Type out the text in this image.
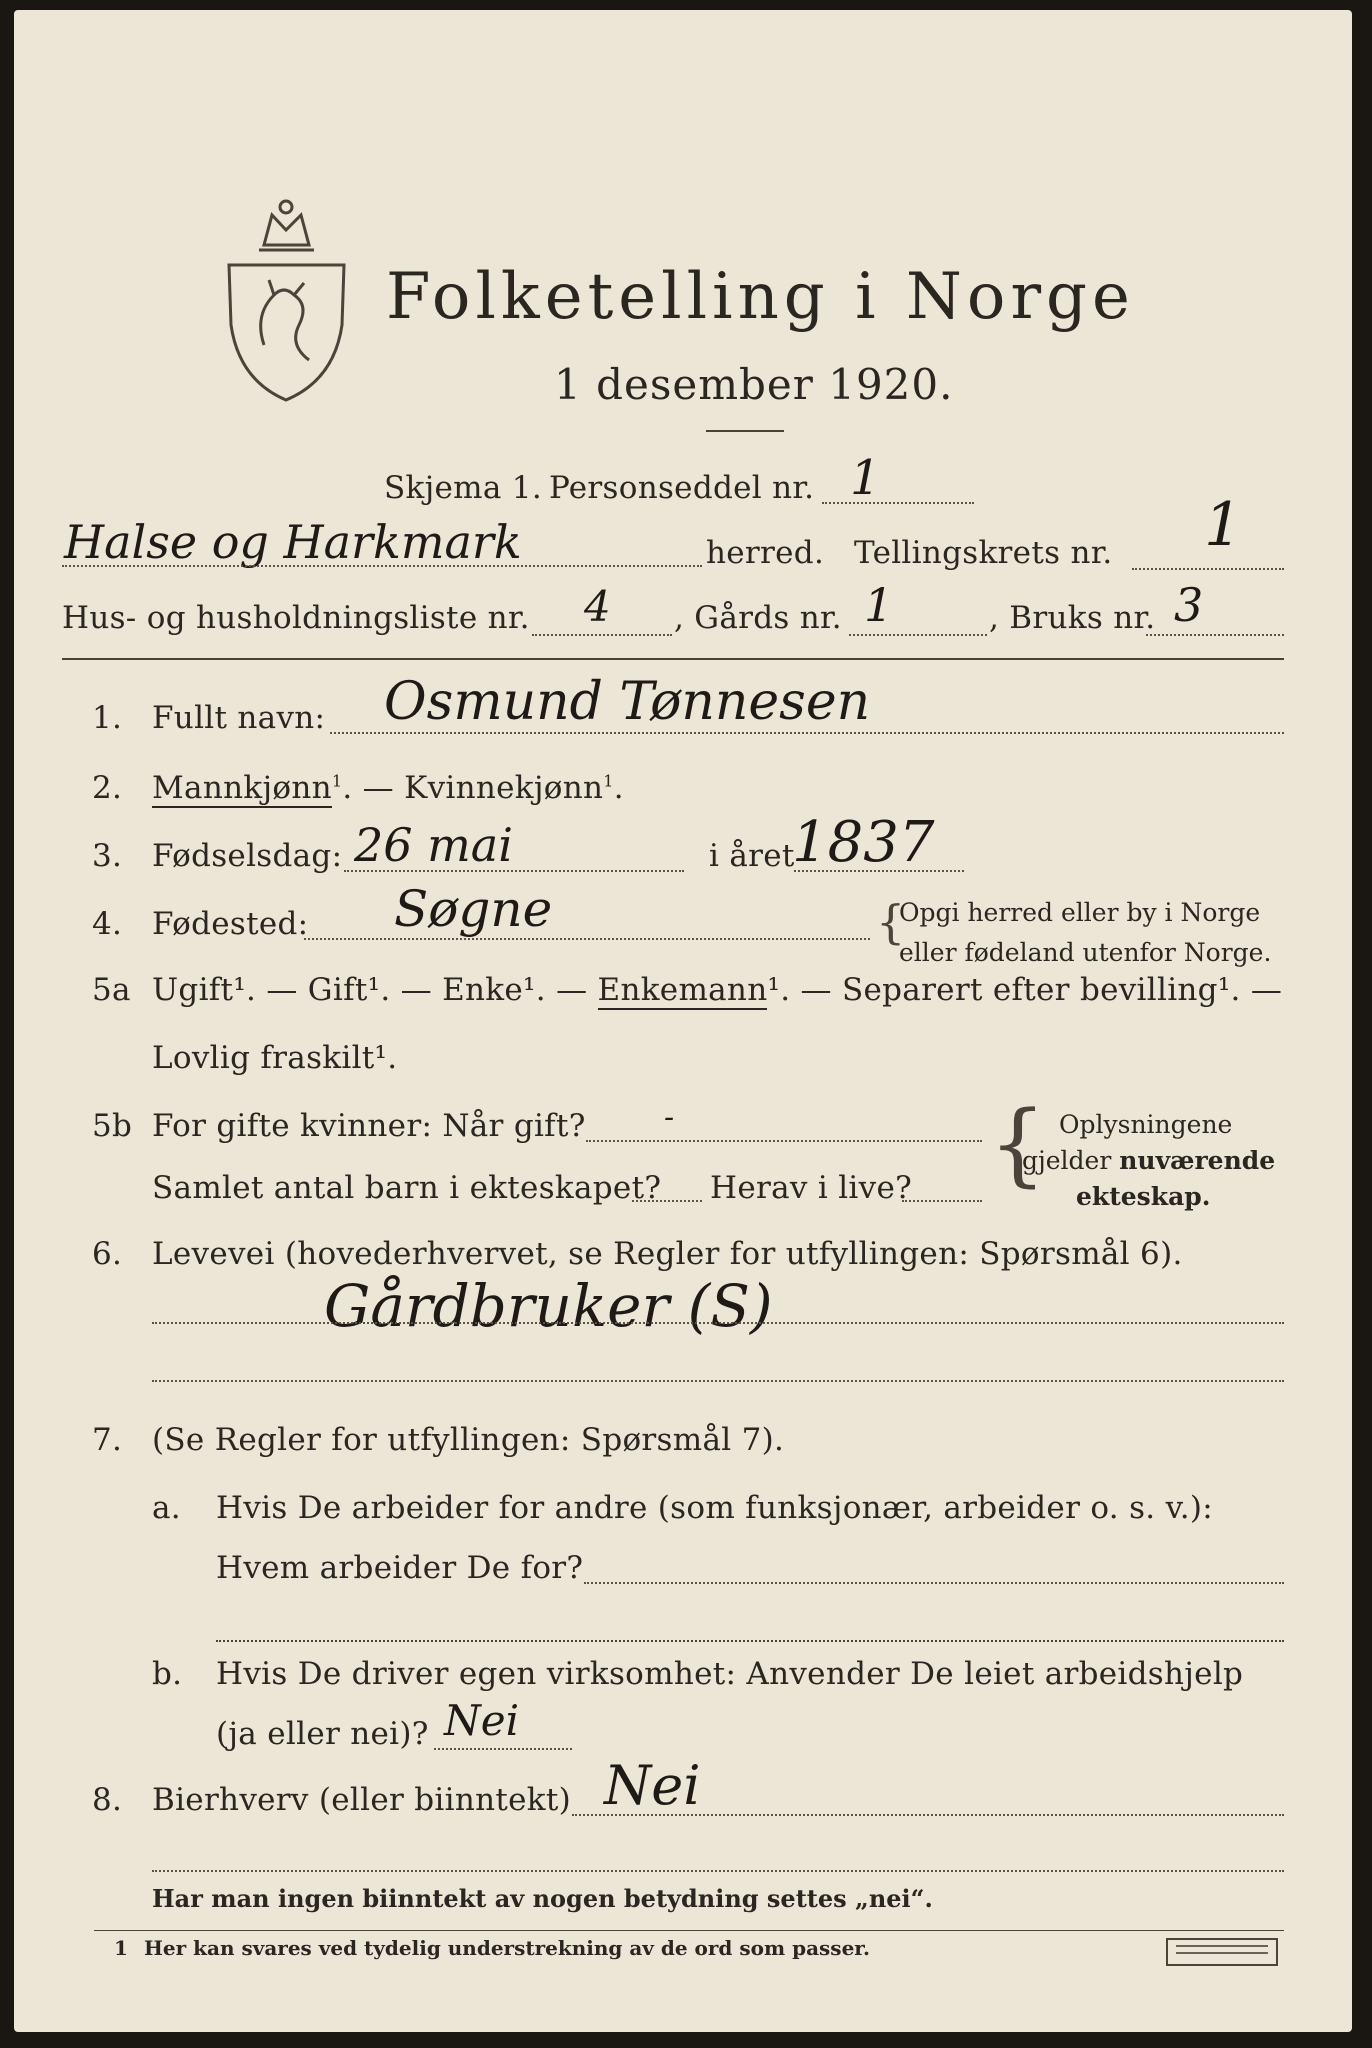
Folketelling i Norge
1 desember 1920.
Skjema 1. Personseddel nr. 1
Halse og Harkmark	herred. Tellingskrets nr. 1
Hus- og husholdningsliste nr. 4 , Gårds nr. 1	, Bruks nr. 3
1. Fullt navn: Osmund Tønnesen
2. Mannkjønn$^1$. — Kvinnekjønn$^1$.
3. Fødselsdag: 26 mai	i året
1837
4. Fødested: Søgne	{
Opgi herred eller by i Norge
eller fødeland utenfor Norge.
5a Ugift¹. — Gift¹. — Enke¹. — Enkemann¹. — Separert efter bevilling¹. —
Lovlig fraskilt¹.
5b For gifte kvinner: Når gift?	-
Samlet antal barn i ekteskapet? Herav i live? { Oplysningene
gjelder nuværende
ekteskap.
6. Levevei (hovederhvervet, se Regler for utfyllingen: Spørsmål 6).
Gårdbruker (S)
7. (Se Regler for utfyllingen: Spørsmål 7).
a. Hvis De arbeider for andre (som funksjonær, arbeider o. s. v.):
Hvem arbeider De for?
b. Hvis De driver egen virksomhet: Anvender De leiet arbeidshjelp
(ja eller nei)? Nei
8. Bierhverv (eller biinntekt) Nei
Har man ingen biinntekt av nogen betydning settes „nei“.
1 Her kan svares ved tydelig understrekning av de ord som passer.
